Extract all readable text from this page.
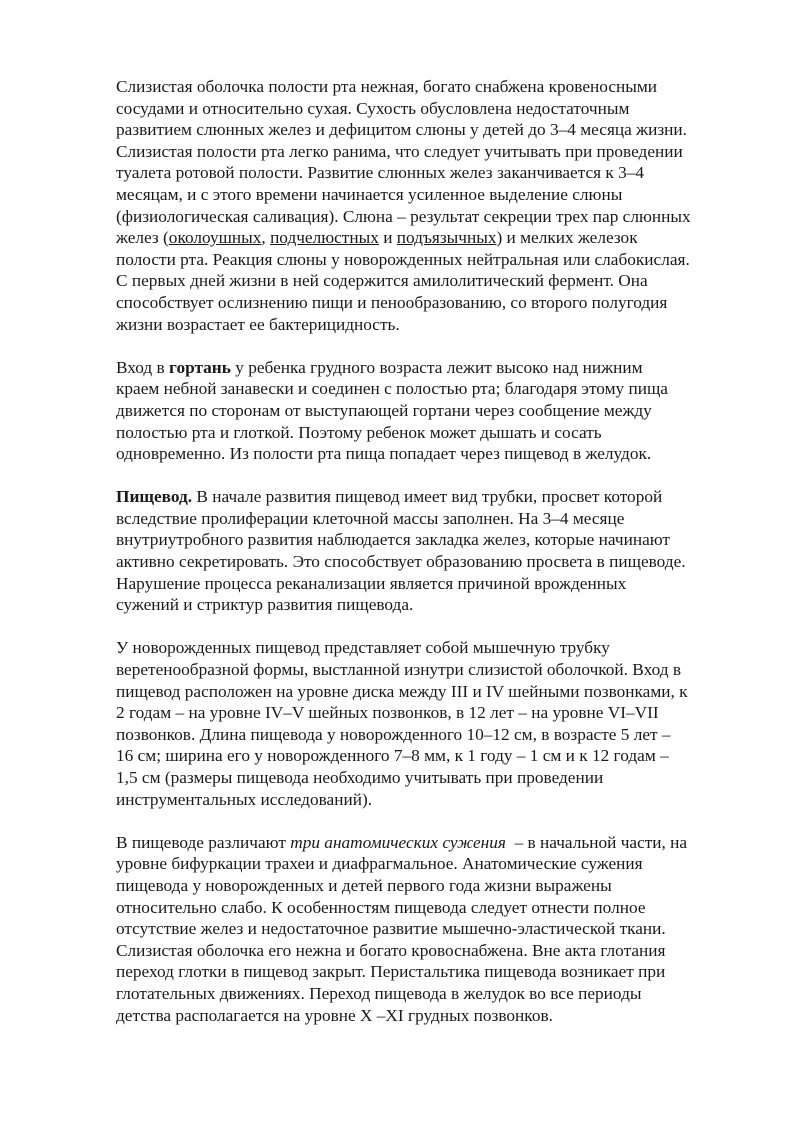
Слизистая оболочка полости рта нежная, богато снабжена кровеносными
сосудами и относительно сухая. Сухость обусловлена недостаточным
развитием слюнных желез и дефицитом слюны у детей до 3–4 месяца жизни.
Слизистая полости рта легко ранима, что следует учитывать при проведении
туалета ротовой полости. Развитие слюнных желез заканчивается к 3–4
месяцам, и с этого времени начинается усиленное выделение слюны
(физиологическая саливация). Слюна – результат секреции трех пар слюнных
желез (околоушных, подчелюстных и подъязычных) и мелких железок
полости рта. Реакция слюны у новорожденных нейтральная или слабокислая.
С первых дней жизни в ней содержится амилолитический фермент. Она
способствует ослизнению пищи и пенообразованию, со второго полугодия
жизни возрастает ее бактерицидность.

Вход в гортань у ребенка грудного возраста лежит высоко над нижним
краем небной занавески и соединен с полостью рта; благодаря этому пища
движется по сторонам от выступающей гортани через сообщение между
полостью рта и глоткой. Поэтому ребенок может дышать и сосать
одновременно. Из полости рта пища попадает через пищевод в желудок.

Пищевод. В начале развития пищевод имеет вид трубки, просвет которой
вследствие пролиферации клеточной массы заполнен. На 3–4 месяце
внутриутробного развития наблюдается закладка желез, которые начинают
активно секретировать. Это способствует образованию просвета в пищеводе.
Нарушение процесса реканализации является причиной врожденных
сужений и стриктур развития пищевода.

У новорожденных пищевод представляет собой мышечную трубку
веретенообразной формы, выстланной изнутри слизистой оболочкой. Вход в
пищевод расположен на уровне диска между III и IV шейными позвонками, к
2 годам – на уровне IV–V шейных позвонков, в 12 лет – на уровне VI–VII
позвонков. Длина пищевода у новорожденного 10–12 см, в возрасте 5 лет –
16 см; ширина его у новорожденного 7–8 мм, к 1 году – 1 см и к 12 годам –
1,5 см (размеры пищевода необходимо учитывать при проведении
инструментальных исследований).

В пищеводе различают три анатомических сужения  – в начальной части, на
уровне бифуркации трахеи и диафрагмальное. Анатомические сужения
пищевода у новорожденных и детей первого года жизни выражены
относительно слабо. К особенностям пищевода следует отнести полное
отсутствие желез и недостаточное развитие мышечно-эластической ткани.
Слизистая оболочка его нежна и богато кровоснабжена. Вне акта глотания
переход глотки в пищевод закрыт. Перистальтика пищевода возникает при
глотательных движениях. Переход пищевода в желудок во все периоды
детства располагается на уровне X –XI грудных позвонков.
